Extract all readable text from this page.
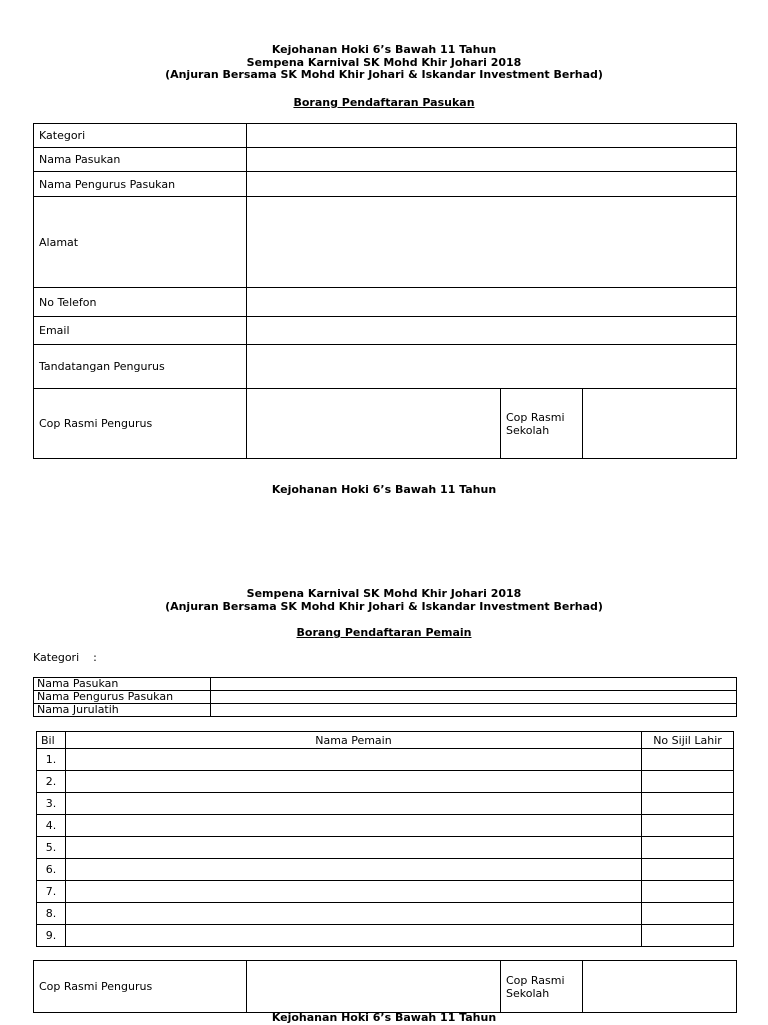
Kejohanan Hoki 6’s Bawah 11 Tahun
Sempena Karnival SK Mohd Khir Johari 2018
(Anjuran Bersama SK Mohd Khir Johari & Iskandar Investment Berhad)
Borang Pendaftaran Pasukan
Kategori			
Nama Pasukan			
Nama Pengurus Pasukan			
Alamat			
No Telefon			
Email			
Tandatangan Pengurus			
Cop Rasmi Pengurus		Cop Rasmi Sekolah	
Kejohanan Hoki 6’s Bawah 11 Tahun
Sempena Karnival SK Mohd Khir Johari 2018
(Anjuran Bersama SK Mohd Khir Johari & Iskandar Investment Berhad)
Borang Pendaftaran Pemain
Kategori    :
Nama Pasukan	
Nama Pengurus Pasukan	
Nama Jurulatih	
Bil	Nama Pemain	No Sijil Lahir
1.		
2.		
3.		
4.		
5.		
6.		
7.		
8.		
9.		
Cop Rasmi Pengurus		Cop Rasmi Sekolah	
Kejohanan Hoki 6’s Bawah 11 Tahun
